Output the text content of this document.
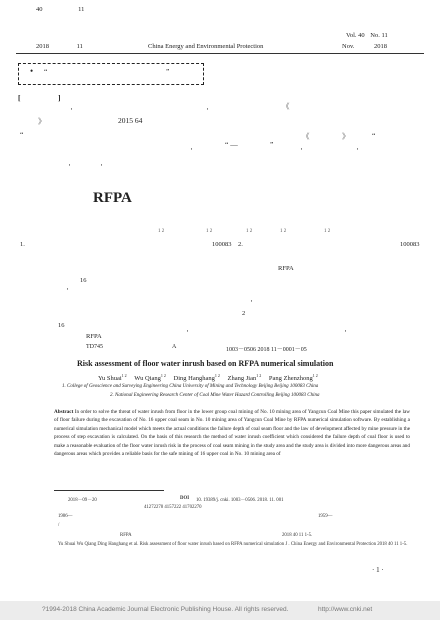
40	11
2018	11	China Energy and Environmental Protection
Vol. 40 No. 11
Nov.	2018
“	”
•
[	]
《
》	2015 64
“
“ —	”
《	》	“
·	·
·	·	·
·	·
RFPA
1 2	1 2	1 2	1 2	1 2
1.	100083 2.	100083
RFPA
16
2
16
RFPA
·
·
·	·
TD745	A	1003－0506 2018 11－0001－05
Risk assessment of floor water inrush based on RFPA numerical simulation
Yu Shuai$^{1 2}$ Wu Qiang$^{1 2}$ Ding Hanghang$^{1 2}$ Zhang Jian$^{1 2}$ Pang Zhenzhong$^{1 2}$
1. College of Geoscience and Surveying Engineering China University of Mining and Technology Beijing Beijing 100083 China
2. National Engineering Research Center of Coal Mine Water Hazard Controlling Beijing 100083 China
Abstract In order to solve the threat of water inrush from floor in the lower group coal mining of No. 10 mining area of Yangcun Coal Mine this paper simulated the law of floor failure during the excavation of No. 16 upper coal seam in No. 10 mining area of Yangcun Coal Mine by RFPA numerical simulation software. By establishing a numerical simulation mechanical model which meets the actual conditions the failure depth of coal seam floor and the law of development affected by mine pressure in the process of step excavation is calculated. On the basis of this research the method of water inrush coefficient which considered the failure depth of coal floor is used to make a reasonable evaluation of the floor water inrush risk in the process of coal seam mining in the study area and the study area is divided into more dangerous areas and dangerous areas which provides a reliable basis for the safe mining of 16 upper coal in No. 10 mining area of
2018－09－20	DOI 10. 19389/j. cnki. 1003－0506. 2018. 11. 001
41272278 4157222 41702270
1986—	1959—
/
RFPA	2018 40 11 1-5.
Yu Shuai Wu Qiang Ding Hanghang et al. Risk assessment of floor water inrush based on RFPA numerical simulation J . China Energy and Environmental Protection 2018 40 11 1-5.
· 1 ·
?1994-2018 China Academic Journal Electronic Publishing House. All rights reserved.	http://www.cnki.net
